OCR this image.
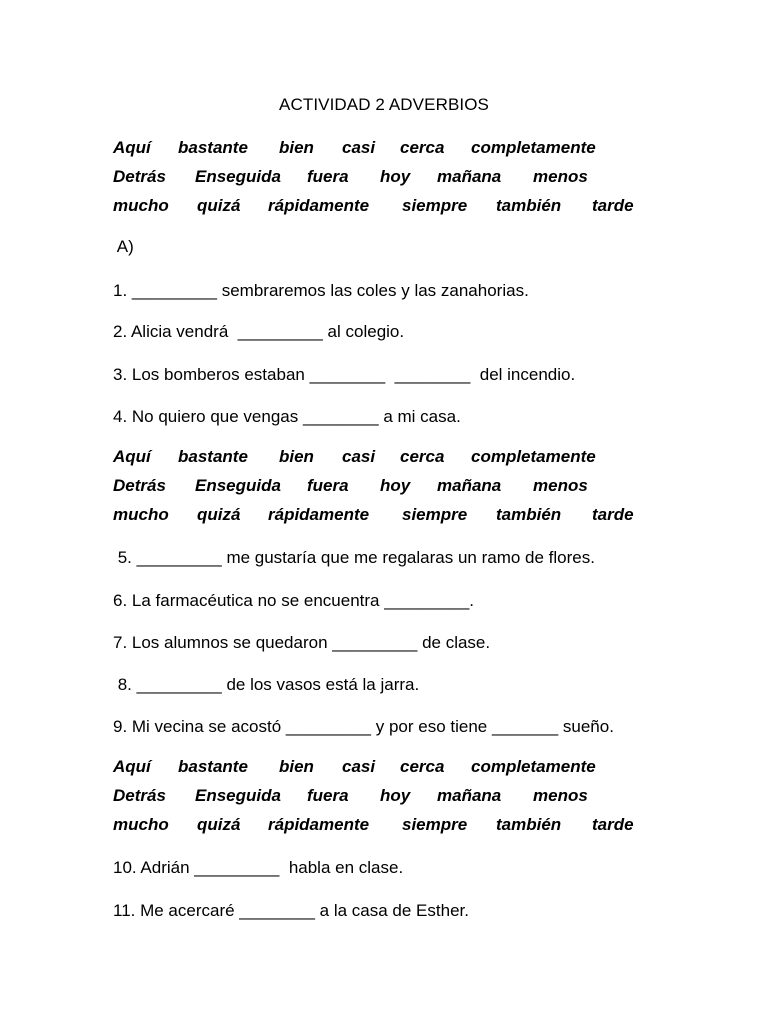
ACTIVIDAD 2 ADVERBIOS
Aquí bastante bien casi cerca completamente
Detrás Enseguida fuera hoy mañana menos
mucho quizá rápidamente siempre también tarde
A)
1. _________ sembraremos las coles y las zanahorias.
2. Alicia vendrá  _________ al colegio.
3. Los bomberos estaban ________  ________  del incendio.
4. No quiero que vengas ________ a mi casa.
Aquí bastante bien casi cerca completamente
Detrás Enseguida fuera hoy mañana menos
mucho quizá rápidamente siempre también tarde
5. _________ me gustaría que me regalaras un ramo de flores.
6. La farmacéutica no se encuentra _________.
7. Los alumnos se quedaron _________ de clase.
8. _________ de los vasos está la jarra.
9. Mi vecina se acostó _________ y por eso tiene _______ sueño.
Aquí bastante bien casi cerca completamente
Detrás Enseguida fuera hoy mañana menos
mucho quizá rápidamente siempre también tarde
10. Adrián _________  habla en clase.
11. Me acercaré ________ a la casa de Esther.
